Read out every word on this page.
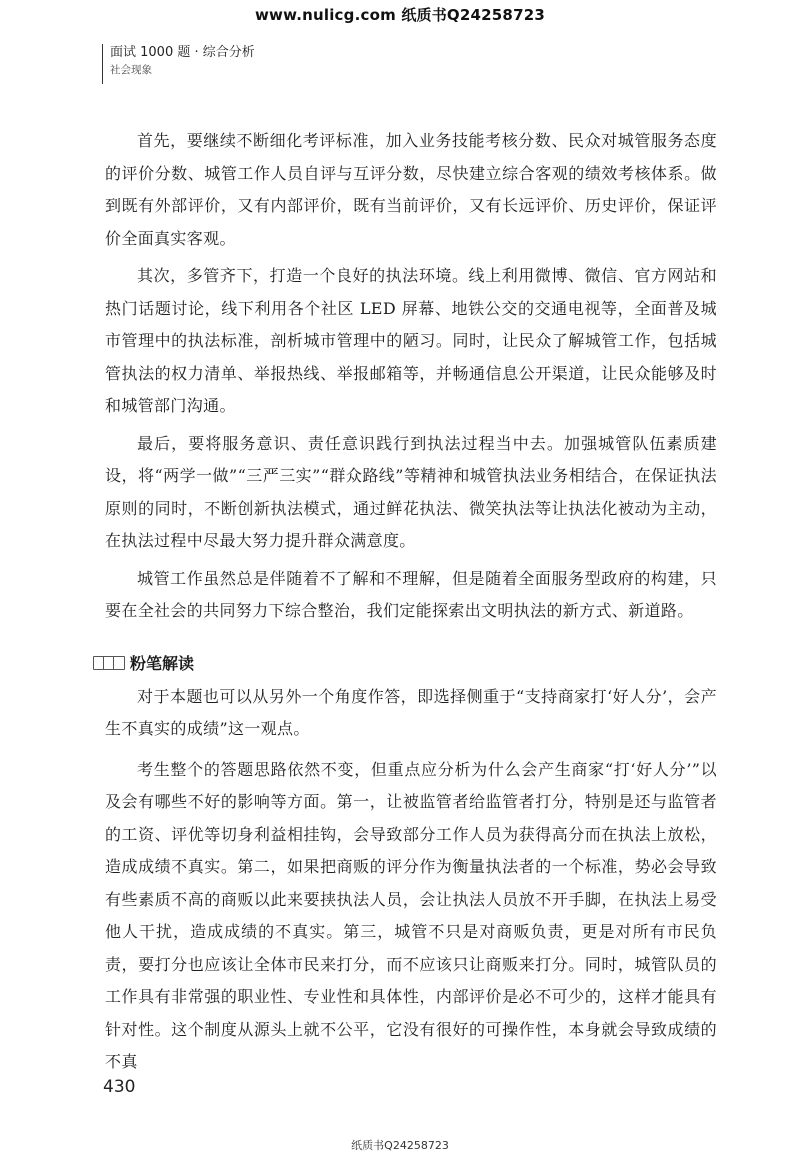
www.nulicg.com 纸质书Q24258723
面试 1000 题 · 综合分析
社会现象

首先，要继续不断细化考评标准，加入业务技能考核分数、民众对城管服务态度的评价分数、城管工作人员自评与互评分数，尽快建立综合客观的绩效考核体系。做到既有外部评价，又有内部评价，既有当前评价，又有长远评价、历史评价，保证评价全面真实客观。

其次，多管齐下，打造一个良好的执法环境。线上利用微博、微信、官方网站和热门话题讨论，线下利用各个社区 LED 屏幕、地铁公交的交通电视等，全面普及城市管理中的执法标准，剖析城市管理中的陋习。同时，让民众了解城管工作，包括城管执法的权力清单、举报热线、举报邮箱等，并畅通信息公开渠道，让民众能够及时和城管部门沟通。

最后，要将服务意识、责任意识践行到执法过程当中去。加强城管队伍素质建设，将“两学一做”“三严三实”“群众路线”等精神和城管执法业务相结合，在保证执法原则的同时，不断创新执法模式，通过鲜花执法、微笑执法等让执法化被动为主动，在执法过程中尽最大努力提升群众满意度。

城管工作虽然总是伴随着不了解和不理解，但是随着全面服务型政府的构建，只要在全社会的共同努力下综合整治，我们定能探索出文明执法的新方式、新道路。

粉笔解读

对于本题也可以从另外一个角度作答，即选择侧重于“支持商家打‘好人分’，会产生不真实的成绩”这一观点。

考生整个的答题思路依然不变，但重点应分析为什么会产生商家“打‘好人分’”以及会有哪些不好的影响等方面。第一，让被监管者给监管者打分，特别是还与监管者的工资、评优等切身利益相挂钩，会导致部分工作人员为获得高分而在执法上放松，造成成绩不真实。第二，如果把商贩的评分作为衡量执法者的一个标准，势必会导致有些素质不高的商贩以此来要挟执法人员，会让执法人员放不开手脚，在执法上易受他人干扰，造成成绩的不真实。第三，城管不只是对商贩负责，更是对所有市民负责，要打分也应该让全体市民来打分，而不应该只让商贩来打分。同时，城管队员的工作具有非常强的职业性、专业性和具体性，内部评价是必不可少的，这样才能具有针对性。这个制度从源头上就不公平，它没有很好的可操作性，本身就会导致成绩的不真

430
纸质书Q24258723
